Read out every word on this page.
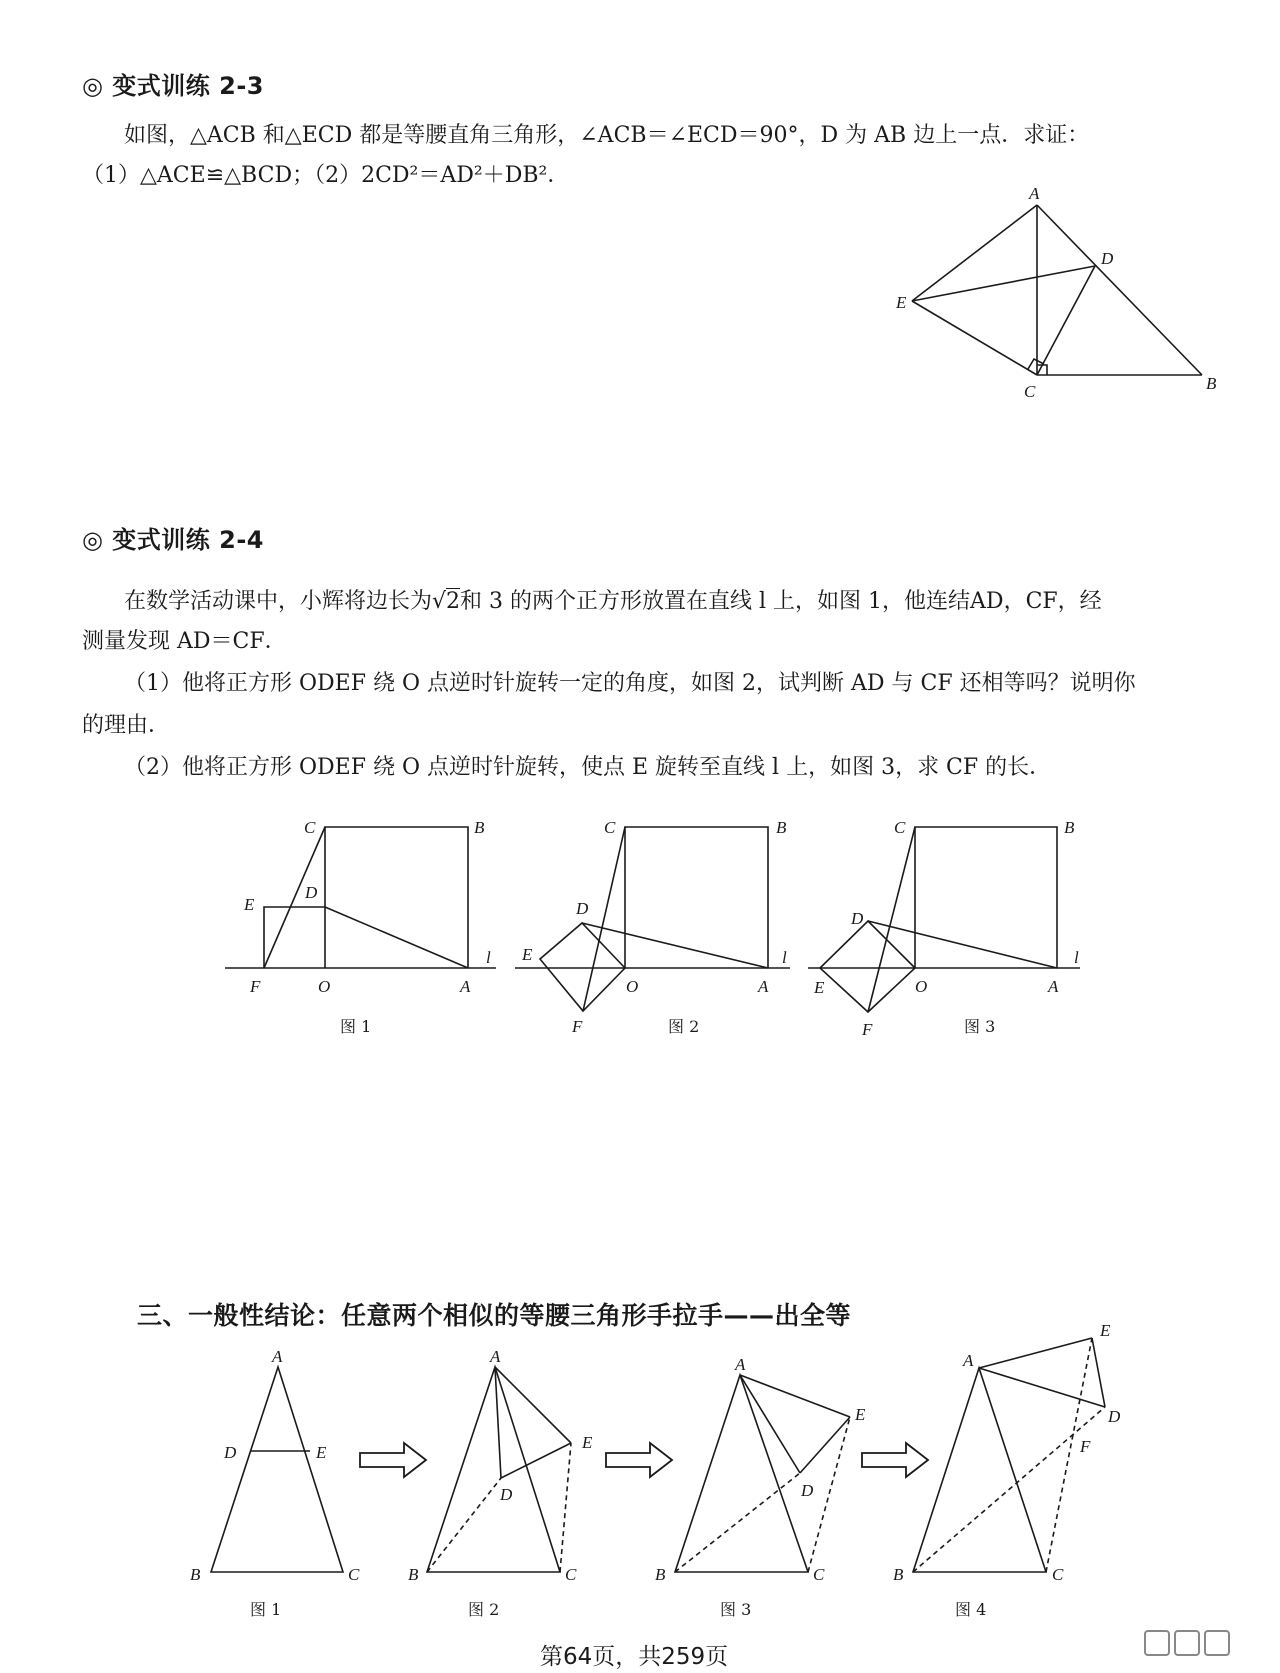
◎ 变式训练 2-3
如图，△ACB 和△ECD 都是等腰直角三角形，∠ACB＝∠ECD＝90°，D 为 AB 边上一点．求证：
（1）△ACE≌△BCD；（2）2CD²＝AD²＋DB²．
A
B
C
D
E
◎ 变式训练 2-4
在数学活动课中，小辉将边长为√2和 3 的两个正方形放置在直线 l 上，如图 1，他连结AD，CF，经
测量发现 AD＝CF．
（1）他将正方形 ODEF 绕 O 点逆时针旋转一定的角度，如图 2，试判断 AD 与 CF 还相等吗？说明你
的理由．
（2）他将正方形 ODEF 绕 O 点逆时针旋转，使点 E 旋转至直线 l 上，如图 3，求 CF 的长．
C	B
D
E
F	O	A
l
图 1
C	B
D
E
F
O	A
l
图 2
C	B
D
E
F
O	A
l
图 3
三、一般性结论：任意两个相似的等腰三角形手拉手——出全等
A
B	C
D	E
图 1
A
B	C
D
E
图 2
A
B	C
D
E
图 3
A
B	C
D
E
F
图 4
第64页，共259页
